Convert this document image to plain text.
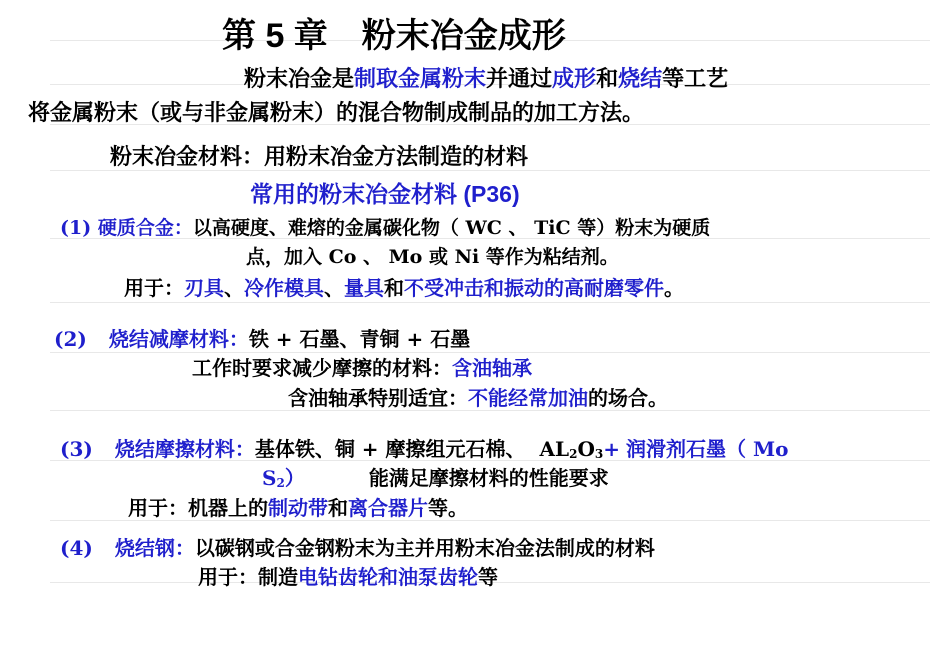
第 5 章　粉末冶金成形
粉末冶金是制取金属粉末并通过成形和烧结等工艺
将金属粉末（或与非金属粉末）的混合物制成制品的加工方法。
粉末冶金材料：用粉末冶金方法制造的材料
常用的粉末冶金材料 (P36)
(1) 硬质合金：以高硬度、难熔的金属碳化物（ WC 、 TiC 等）粉末为硬质
点，加入 Co 、 Mo 或 Ni 等作为粘结剂。
用于：刃具、冷作模具、量具和不受冲击和振动的高耐磨零件。
(2) 烧结减摩材料：铁 + 石墨、青铜 + 石墨
工作时要求减少摩擦的材料：含油轴承
含油轴承特别适宜：不能经常加油的场合。
(3) 烧结摩擦材料：基体铁、铜 + 摩擦组元石棉、 $AL_2O_3+$ 润滑剂石墨（ Mo
$S_2$）	能满足摩擦材料的性能要求
用于：机器上的制动带和离合器片等。
(4) 烧结钢：以碳钢或合金钢粉末为主并用粉末冶金法制成的材料
用于：制造电钻齿轮和油泵齿轮等
